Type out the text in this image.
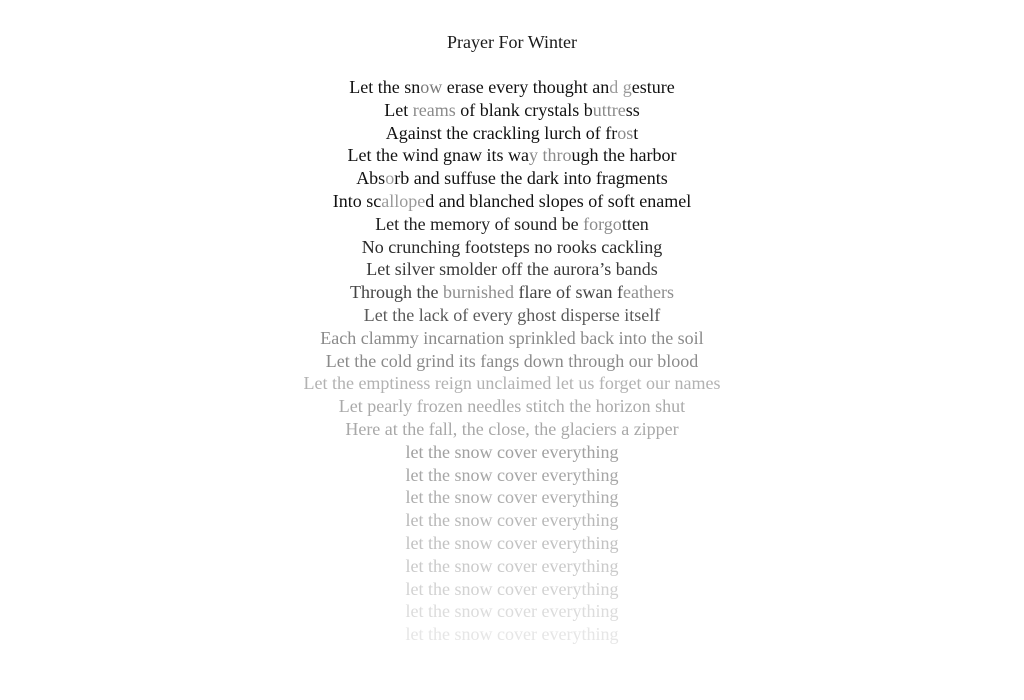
Prayer For Winter
Let the snow erase every thought and gesture
Let reams of blank crystals buttress
Against the crackling lurch of frost
Let the wind gnaw its way through the harbor
Absorb and suffuse the dark into fragments
Into scalloped and blanched slopes of soft enamel
Let the memory of sound be forgotten
No crunching footsteps no rooks cackling
Let silver smolder off the aurora’s bands
Through the burnished flare of swan feathers
Let the lack of every ghost disperse itself
Each clammy incarnation sprinkled back into the soil
Let the cold grind its fangs down through our blood
Let the emptiness reign unclaimed let us forget our names
Let pearly frozen needles stitch the horizon shut
Here at the fall, the close, the glaciers a zipper
let the snow cover everything
let the snow cover everything
let the snow cover everything
let the snow cover everything
let the snow cover everything
let the snow cover everything
let the snow cover everything
let the snow cover everything
let the snow cover everything
